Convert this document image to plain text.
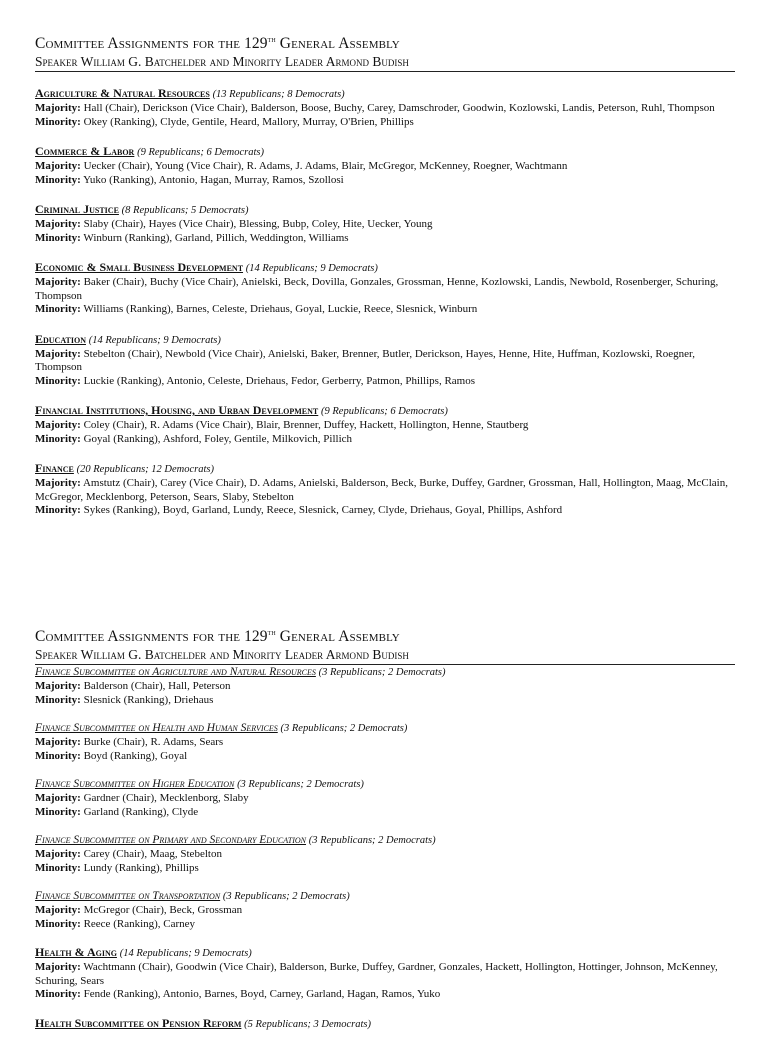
Committee Assignments for the 129th General Assembly
Speaker William G. Batchelder and Minority Leader Armond Budish
Agriculture & Natural Resources (13 Republicans; 8 Democrats)
Majority: Hall (Chair), Derickson (Vice Chair), Balderson, Boose, Buchy, Carey, Damschroder, Goodwin, Kozlowski, Landis, Peterson, Ruhl, Thompson
Minority: Okey (Ranking), Clyde, Gentile, Heard, Mallory, Murray, O'Brien, Phillips
Commerce & Labor (9 Republicans; 6 Democrats)
Majority: Uecker (Chair), Young (Vice Chair), R. Adams, J. Adams, Blair, McGregor, McKenney, Roegner, Wachtmann
Minority: Yuko (Ranking), Antonio, Hagan, Murray, Ramos, Szollosi
Criminal Justice (8 Republicans; 5 Democrats)
Majority: Slaby (Chair), Hayes (Vice Chair), Blessing, Bubp, Coley, Hite, Uecker, Young
Minority: Winburn (Ranking), Garland, Pillich, Weddington, Williams
Economic & Small Business Development (14 Republicans; 9 Democrats)
Majority: Baker (Chair), Buchy (Vice Chair), Anielski, Beck, Dovilla, Gonzales, Grossman, Henne, Kozlowski, Landis, Newbold, Rosenberger, Schuring, Thompson
Minority: Williams (Ranking), Barnes, Celeste, Driehaus, Goyal, Luckie, Reece, Slesnick, Winburn
Education (14 Republicans; 9 Democrats)
Majority: Stebelton (Chair), Newbold (Vice Chair), Anielski, Baker, Brenner, Butler, Derickson, Hayes, Henne, Hite, Huffman, Kozlowski, Roegner, Thompson
Minority: Luckie (Ranking), Antonio, Celeste, Driehaus, Fedor, Gerberry, Patmon, Phillips, Ramos
Financial Institutions, Housing, and Urban Development (9 Republicans; 6 Democrats)
Majority: Coley (Chair), R. Adams (Vice Chair), Blair, Brenner, Duffey, Hackett, Hollington, Henne, Stautberg
Minority: Goyal (Ranking), Ashford, Foley, Gentile, Milkovich, Pillich
Finance (20 Republicans; 12 Democrats)
Majority: Amstutz (Chair), Carey (Vice Chair), D. Adams, Anielski, Balderson, Beck, Burke, Duffey, Gardner, Grossman, Hall, Hollington, Maag, McClain, McGregor, Mecklenborg, Peterson, Sears, Slaby, Stebelton
Minority: Sykes (Ranking), Boyd, Garland, Lundy, Reece, Slesnick, Carney, Clyde, Driehaus, Goyal, Phillips, Ashford
Committee Assignments for the 129th General Assembly
Speaker William G. Batchelder and Minority Leader Armond Budish
Finance Subcommittee on Agriculture and Natural Resources (3 Republicans; 2 Democrats)
Majority: Balderson (Chair), Hall, Peterson
Minority: Slesnick (Ranking), Driehaus
Finance Subcommittee on Health and Human Services (3 Republicans; 2 Democrats)
Majority: Burke (Chair), R. Adams, Sears
Minority: Boyd (Ranking), Goyal
Finance Subcommittee on Higher Education (3 Republicans; 2 Democrats)
Majority: Gardner (Chair), Mecklenborg, Slaby
Minority: Garland (Ranking), Clyde
Finance Subcommittee on Primary and Secondary Education (3 Republicans; 2 Democrats)
Majority: Carey (Chair), Maag, Stebelton
Minority: Lundy (Ranking), Phillips
Finance Subcommittee on Transportation (3 Republicans; 2 Democrats)
Majority: McGregor (Chair), Beck, Grossman
Minority: Reece (Ranking), Carney
Health & Aging (14 Republicans; 9 Democrats)
Majority: Wachtmann (Chair), Goodwin (Vice Chair), Balderson, Burke, Duffey, Gardner, Gonzales, Hackett, Hollington, Hottinger, Johnson, McKenney, Schuring, Sears
Minority: Fende (Ranking), Antonio, Barnes, Boyd, Carney, Garland, Hagan, Ramos, Yuko
Health Subcommittee on Pension Reform (5 Republicans; 3 Democrats)
